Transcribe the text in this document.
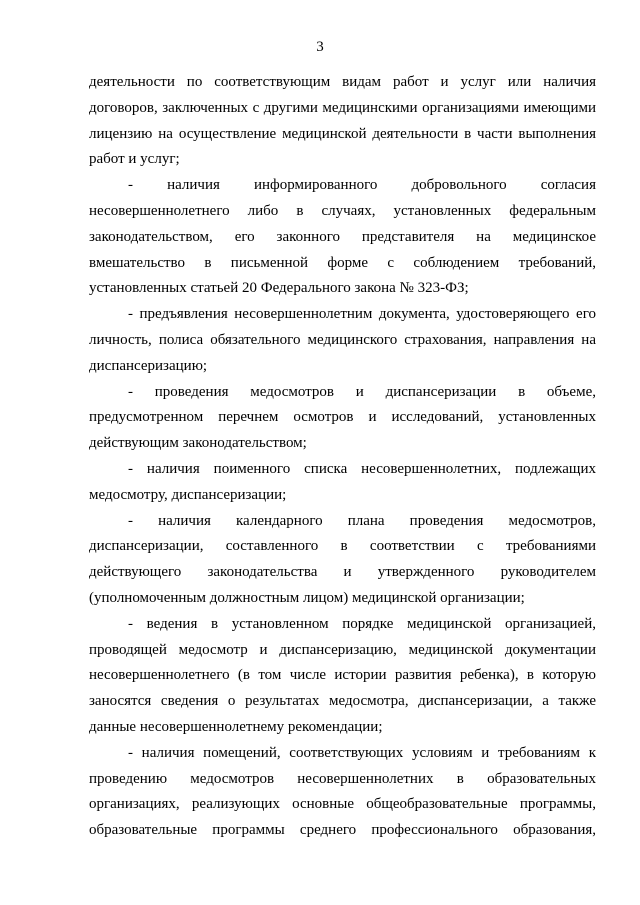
3

деятельности по соответствующим видам работ и услуг или наличия договоров, заключенных с другими медицинскими организациями имеющими лицензию на осуществление медицинской деятельности в части выполнения работ и услуг;

- наличия информированного добровольного согласия несовершеннолетнего либо в случаях, установленных федеральным законодательством, его законного представителя на медицинское вмешательство в письменной форме с соблюдением требований, установленных статьей 20 Федерального закона № 323-ФЗ;

- предъявления несовершеннолетним документа, удостоверяющего его личность, полиса обязательного медицинского страхования, направления на диспансеризацию;

- проведения медосмотров и диспансеризации в объеме, предусмотренном перечнем осмотров и исследований, установленных действующим законодательством;

- наличия поименного списка несовершеннолетних, подлежащих медосмотру, диспансеризации;

- наличия календарного плана проведения медосмотров, диспансеризации, составленного в соответствии с требованиями действующего законодательства и утвержденного руководителем (уполномоченным должностным лицом) медицинской организации;

- ведения в установленном порядке медицинской организацией, проводящей медосмотр и диспансеризацию, медицинской документации несовершеннолетнего (в том числе истории развития ребенка), в которую заносятся сведения о результатах медосмотра, диспансеризации, а также данные несовершеннолетнему рекомендации;

- наличия помещений, соответствующих условиям и требованиям к проведению медосмотров несовершеннолетних в образовательных организациях, реализующих основные общеобразовательные программы, образовательные программы среднего профессионального образования,
